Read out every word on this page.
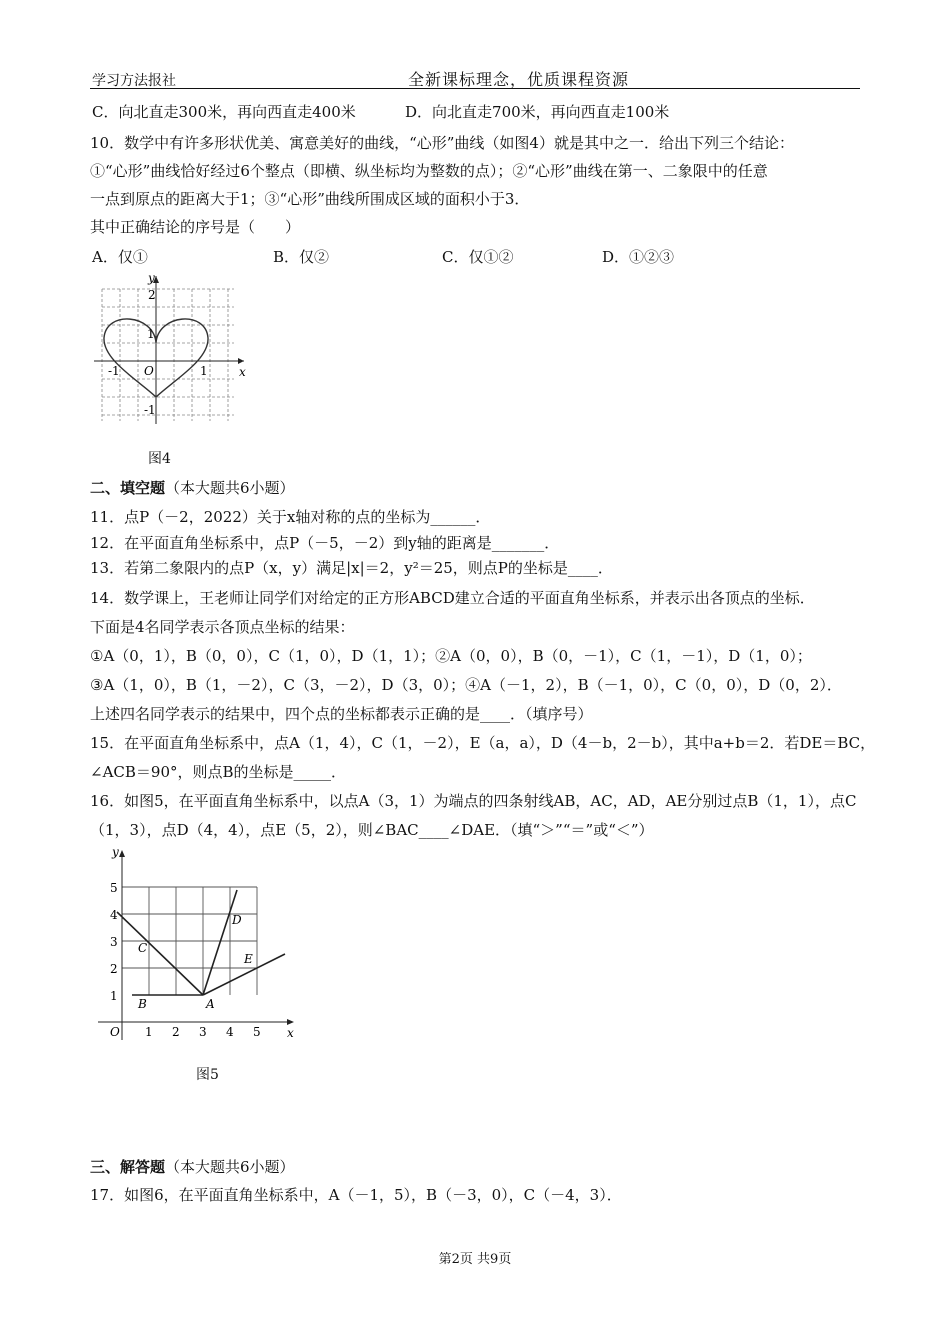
学习方法报社	全新课标理念，优质课程资源
C．向北直走300米，再向西直走400米	D．向北直走700米，再向西直走100米
10．数学中有许多形状优美、寓意美好的曲线，“心形”曲线（如图4）就是其中之一．给出下列三个结论：
①“心形”曲线恰好经过6个整点（即横、纵坐标均为整数的点）；②“心形”曲线在第一、二象限中的任意
一点到原点的距离大于1；③“心形”曲线所围成区域的面积小于3．
其中正确结论的序号是（　　）
A．仅①	B．仅②	C．仅①②	D．①②③
y
x
2
1
O
-1	1
-1
图4
二、填空题（本大题共6小题）
11．点P（－2，2022）关于x轴对称的点的坐标为______．
12．在平面直角坐标系中，点P（－5，－2）到y轴的距离是_______．
13．若第二象限内的点P（x，y）满足|x|＝2，y²＝25，则点P的坐标是____．
14．数学课上，王老师让同学们对给定的正方形ABCD建立合适的平面直角坐标系，并表示出各顶点的坐标．
下面是4名同学表示各顶点坐标的结果：
①A（0，1），B（0，0），C（1，0），D（1，1）；②A（0，0），B（0，－1），C（1，－1），D（1，0）；
③A（1，0），B（1，－2），C（3，－2），D（3，0）；④A（－1，2），B（－1，0），C（0，0），D（0，2）．
上述四名同学表示的结果中，四个点的坐标都表示正确的是____．（填序号）
15．在平面直角坐标系中，点A（1，4），C（1，－2），E（a，a），D（4－b，2－b），其中a+b＝2．若DE＝BC，
∠ACB＝90°，则点B的坐标是_____．
16．如图5，在平面直角坐标系中，以点A（3，1）为端点的四条射线AB，AC，AD，AE分别过点B（1，1），点C
（1，3），点D（4，4），点E（5，2），则∠BAC____∠DAE．（填“＞”“＝”或“＜”）
y
x
O 1 2 3 4 5
1
2
3
4
5
A
B
C
D
E
图5
三、解答题（本大题共6小题）
17．如图6，在平面直角坐标系中，A（－1，5），B（－3，0），C（－4，3）．
第2页 共9页
